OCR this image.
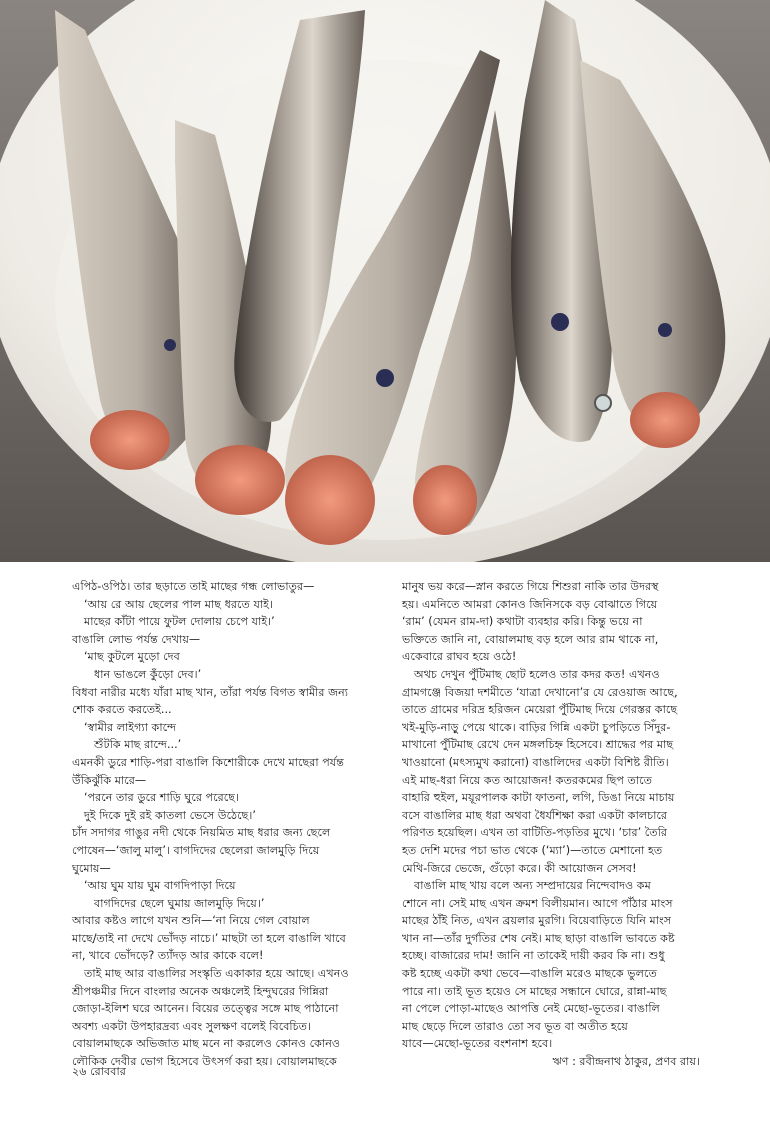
এপিঠ-ওপিঠ। তার ছড়াতে তাই মাছের গন্ধ লোভাতুর—

‘আয় রে আয় ছেলের পাল মাছ ধরতে যাই।

মাছের কাঁটা পায়ে ফুটল দোলায় চেপে যাই।’

বাঙালি লোভ পর্যন্ত দেখায়—

‘মাছ কুটলে মুড়ো দেব

ধান ভাঙলে কুঁড়ো দেব।’

বিধবা নারীর মধ্যে যাঁরা মাছ খান, তাঁরা পর্যন্ত বিগত স্বামীর জন্য

শোক করতে করতেই...

‘স্বামীর লাইগ্যা কান্দে

শুঁটকি মাছ রান্দে...’

এমনকী ডুরে শাড়ি-পরা বাঙালি কিশোরীকে দেখে মাছেরা পর্যন্ত

উঁকিঝুঁকি মারে—

‘পরনে তার ডুরে শাড়ি ঘুরে পরেছে।

দুই দিকে দুই রই কাতলা ভেসে উঠেছে।’

চাঁদ সদাগর গাঙুর নদী থেকে নিয়মিত মাছ ধরার জন্য ছেলে

পোষেন—‘জালু মালু’। বাগদিদের ছেলেরা জালমুড়ি দিয়ে

ঘুমোয়—

‘আয় ঘুম যায় ঘুম বাগদিপাড়া দিয়ে

বাগদিদের ছেলে ঘুমায় জালমুড়ি দিয়ে।’

আবার কষ্টও লাগে যখন শুনি—‘না নিয়ে গেল বোয়াল

মাছে/তাই না দেখে ভোঁদড় নাচে।’ মাছটা তা হলে বাঙালি খাবে

না, খাবে ভোঁদড়ে? ত্যাঁদড় আর কাকে বলে!

তাই মাছ আর বাঙালির সংস্কৃতি একাকার হয়ে আছে। এখনও

শ্রীপঞ্চমীর দিনে বাংলার অনেক অঞ্চলেই হিন্দুঘরের গিন্নিরা

জোড়া-ইলিশ ঘরে আনেন। বিয়ের তত্ত্বের সঙ্গে মাছ পাঠানো

অবশ্য একটা উপহারদ্রব্য এবং সুলক্ষণ বলেই বিবেচিত।

বোয়ালমাছকে অভিজাত মাছ মনে না করলেও কোনও কোনও

লৌকিক দেবীর ভোগ হিসেবে উৎসর্গ করা হয়। বোয়ালমাছকে

মানুষ ভয় করে—স্নান করতে গিয়ে শিশুরা নাকি তার উদরস্থ

হয়। এমনিতে আমরা কোনও জিনিসকে বড় বোঝাতে গিয়ে

‘রাম’ (যেমন রাম-দা) কথাটা ব্যবহার করি। কিন্তু ভয়ে না

ভক্তিতে জানি না, বোয়ালমাছ বড় হলে আর রাম থাকে না,

একেবারে রাঘব হয়ে ওঠে!

অথচ দেখুন পুঁটিমাছ ছোট হলেও তার কদর কত! এখনও

গ্রামগঞ্জে বিজয়া দশমীতে ‘যাত্রা দেখানো’র যে রেওয়াজ আছে,

তাতে গ্রামের দরিদ্র হরিজন মেয়েরা পুঁটিমাছ দিয়ে গেরস্তর কাছে

খই-মুড়ি-নাড়ু পেয়ে থাকে। বাড়ির গিন্নি একটা চুপড়িতে সিঁদুর-

মাখানো পুঁটিমাছ রেখে দেন মঙ্গলচিহ্ন হিসেবে। শ্রাদ্ধের পর মাছ

খাওয়ানো (মৎস্যমুখ করানো) বাঙালিদের একটা বিশিষ্ট রীতি।

এই মাছ-ধরা নিয়ে কত আয়োজন! কতরকমের ছিপ তাতে

বাহারি হুইল, ময়ূরপালক কাটা ফাতনা, লগি, ডিঙা নিয়ে মাচায়

বসে বাঙালির মাছ ধরা অথবা ধৈর্যশিক্ষা করা একটা কালচারে

পরিণত হয়েছিল। এখন তা বাটিতি-পড়তির মুখে। ‘চার’ তৈরি

হত দেশি মদের পচা ভাত থেকে (‘ম্যা’)—তাতে মেশানো হত

মেথি-জিরে ভেজে, গুঁড়ো করে। কী আয়োজন সেসব!

বাঙালি মাছ খায় বলে অন্য সম্প্রদায়ের নিন্দেবাদও কম

শোনে না। সেই মাছ এখন ক্রমশ বিলীয়মান। আগে পাঁঠার মাংস

মাছের ঠাঁই নিত, এখন ব্রয়লার মুরগি। বিয়েবাড়িতে যিনি মাংস

খান না—তাঁর দুর্গতির শেষ নেই। মাছ ছাড়া বাঙালি ভাবতে কষ্ট

হচ্ছে। বাজারের দাম! জানি না তাকেই দায়ী করব কি না। শুধু

কষ্ট হচ্ছে একটা কথা ভেবে—বাঙালি মরেও মাছকে ভুলতে

পারে না। তাই ভূত হয়েও সে মাছের সন্ধানে ঘোরে, রান্না-মাছ

না পেলে পোড়া-মাছেও আপত্তি নেই মেছো-ভূতের। বাঙালি

মাছ ছেড়ে দিলে তারাও তো সব ভূত বা অতীত হয়ে

যাবে—মেছো-ভূতের বংশনাশ হবে।

ঋণ : রবীন্দ্রনাথ ঠাকুর, প্রণব রায়।

২৬ রোববার
